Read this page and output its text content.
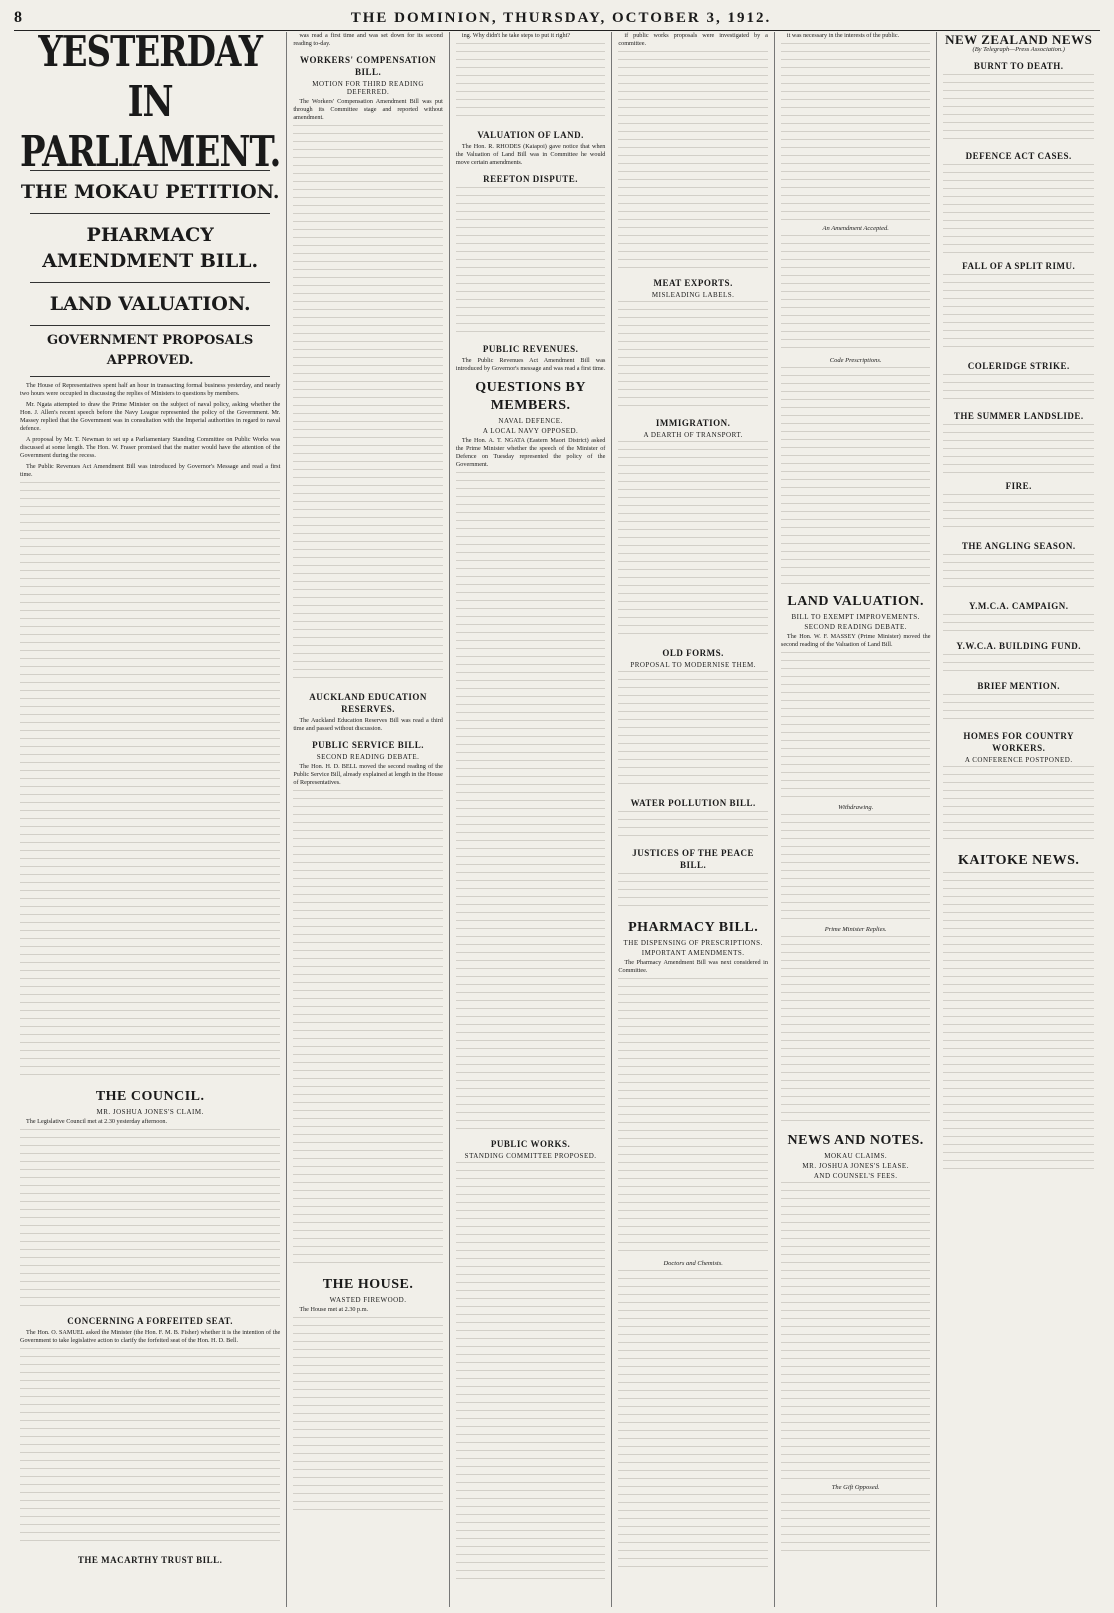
8	THE DOMINION, THURSDAY, OCTOBER 3, 1912.
YESTERDAY IN PARLIAMENT.
THE MOKAU PETITION.
PHARMACY AMENDMENT BILL.
LAND VALUATION.
GOVERNMENT PROPOSALS APPROVED.

The House of Representatives spent half an hour in transacting formal business yesterday, and nearly two hours were occupied in discussing the replies of Ministers to questions by members.

Mr. Ngata attempted to draw the Prime Minister on the subject of naval policy, asking whether the Hon. J. Allen's recent speech before the Navy League represented the policy of the Government. Mr. Massey replied that the Government was in consultation with the Imperial authorities in regard to naval defence.

A proposal by Mr. T. Newman to set up a Parliamentary Standing Committee on Public Works was discussed at some length. The Hon. W. Fraser promised that the matter would have the attention of the Government during the recess.

The Public Revenues Act Amendment Bill was introduced by Governor's Message and read a first time.

THE COUNCIL.
MR. JOSHUA JONES'S CLAIM.

The Legislative Council met at 2.30 yesterday afternoon.

CONCERNING A FORFEITED SEAT.

The Hon. O. SAMUEL asked the Minister (the Hon. F. M. B. Fisher) whether it is the intention of the Government to take legislative action to clarify the forfeited seat of the Hon. H. D. Bell.

THE MACARTHY TRUST BILL.

was read a first time and was set down for its second reading to-day.

WORKERS' COMPENSATION BILL.
MOTION FOR THIRD READING DEFERRED.

The Workers' Compensation Amendment Bill was put through its Committee stage and reported without amendment.

AUCKLAND EDUCATION RESERVES.

The Auckland Education Reserves Bill was read a third time and passed without discussion.

PUBLIC SERVICE BILL.
SECOND READING DEBATE.

The Hon. H. D. BELL moved the second reading of the Public Service Bill, already explained at length in the House of Representatives.

THE HOUSE.
WASTED FIREWOOD.

The House met at 2.30 p.m.

ing. Why didn't he take steps to put it right?

VALUATION OF LAND.

The Hon. R. RHODES (Kaiapoi) gave notice that when the Valuation of Land Bill was in Committee he would move certain amendments.

REEFTON DISPUTE.
PUBLIC REVENUES.

The Public Revenues Act Amendment Bill was introduced by Governor's message and was read a first time.

QUESTIONS BY MEMBERS.
NAVAL DEFENCE.
A LOCAL NAVY OPPOSED.

The Hon. A. T. NGATA (Eastern Maori District) asked the Prime Minister whether the speech of the Minister of Defence on Tuesday represented the policy of the Government.

PUBLIC WORKS.
STANDING COMMITTEE PROPOSED.

if public works proposals were investigated by a committee.

MEAT EXPORTS.
MISLEADING LABELS.
IMMIGRATION.
A DEARTH OF TRANSPORT.
OLD FORMS.
PROPOSAL TO MODERNISE THEM.
WATER POLLUTION BILL.
JUSTICES OF THE PEACE BILL.
PHARMACY BILL.
THE DISPENSING OF PRESCRIPTIONS.
IMPORTANT AMENDMENTS.

The Pharmacy Amendment Bill was next considered in Committee.

Doctors and Chemists.

it was necessary in the interests of the public.

An Amendment Accepted.
Code Prescriptions.
LAND VALUATION.
BILL TO EXEMPT IMPROVEMENTS.
SECOND READING DEBATE.

The Hon. W. F. MASSEY (Prime Minister) moved the second reading of the Valuation of Land Bill.

Withdrawing.
Prime Minister Replies.
NEWS AND NOTES.
MOKAU CLAIMS.
MR. JOSHUA JONES'S LEASE.
AND COUNSEL'S FEES.
The Gift Opposed.
NEW ZEALAND NEWS
(By Telegraph—Press Association.)
BURNT TO DEATH.
DEFENCE ACT CASES.
FALL OF A SPLIT RIMU.
COLERIDGE STRIKE.
THE SUMMER LANDSLIDE.
FIRE.
THE ANGLING SEASON.
Y.M.C.A. CAMPAIGN.
Y.W.C.A. BUILDING FUND.
BRIEF MENTION.
HOMES FOR COUNTRY WORKERS.
A CONFERENCE POSTPONED.
KAITOKE NEWS.
